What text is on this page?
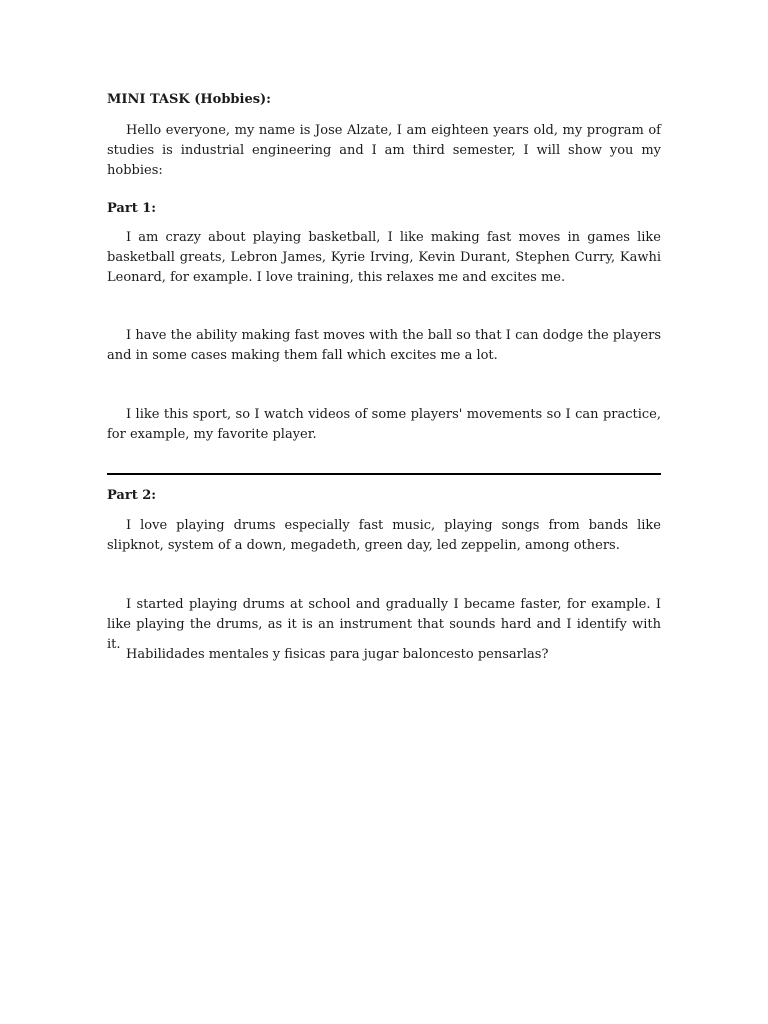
MINI TASK (Hobbies):
Hello everyone, my name is Jose Alzate, I am eighteen years old, my program of studies is industrial engineering and I am third semester, I will show you my hobbies:
Part 1:
I am crazy about playing basketball, I like making fast moves in games like basketball greats, Lebron James, Kyrie Irving, Kevin Durant, Stephen Curry, Kawhi Leonard, for example. I love training, this relaxes me and excites me.
I have the ability making fast moves with the ball so that I can dodge the players and in some cases making them fall which excites me a lot.
I like this sport, so I watch videos of some players' movements so I can practice, for example, my favorite player.
Part 2:
I love playing drums especially fast music, playing songs from bands like slipknot, system of a down, megadeth, green day, led zeppelin, among others.
I started playing drums at school and gradually I became faster, for example. I like playing the drums, as it is an instrument that sounds hard and I identify with it.
Habilidades mentales y fisicas para jugar baloncesto pensarlas?
